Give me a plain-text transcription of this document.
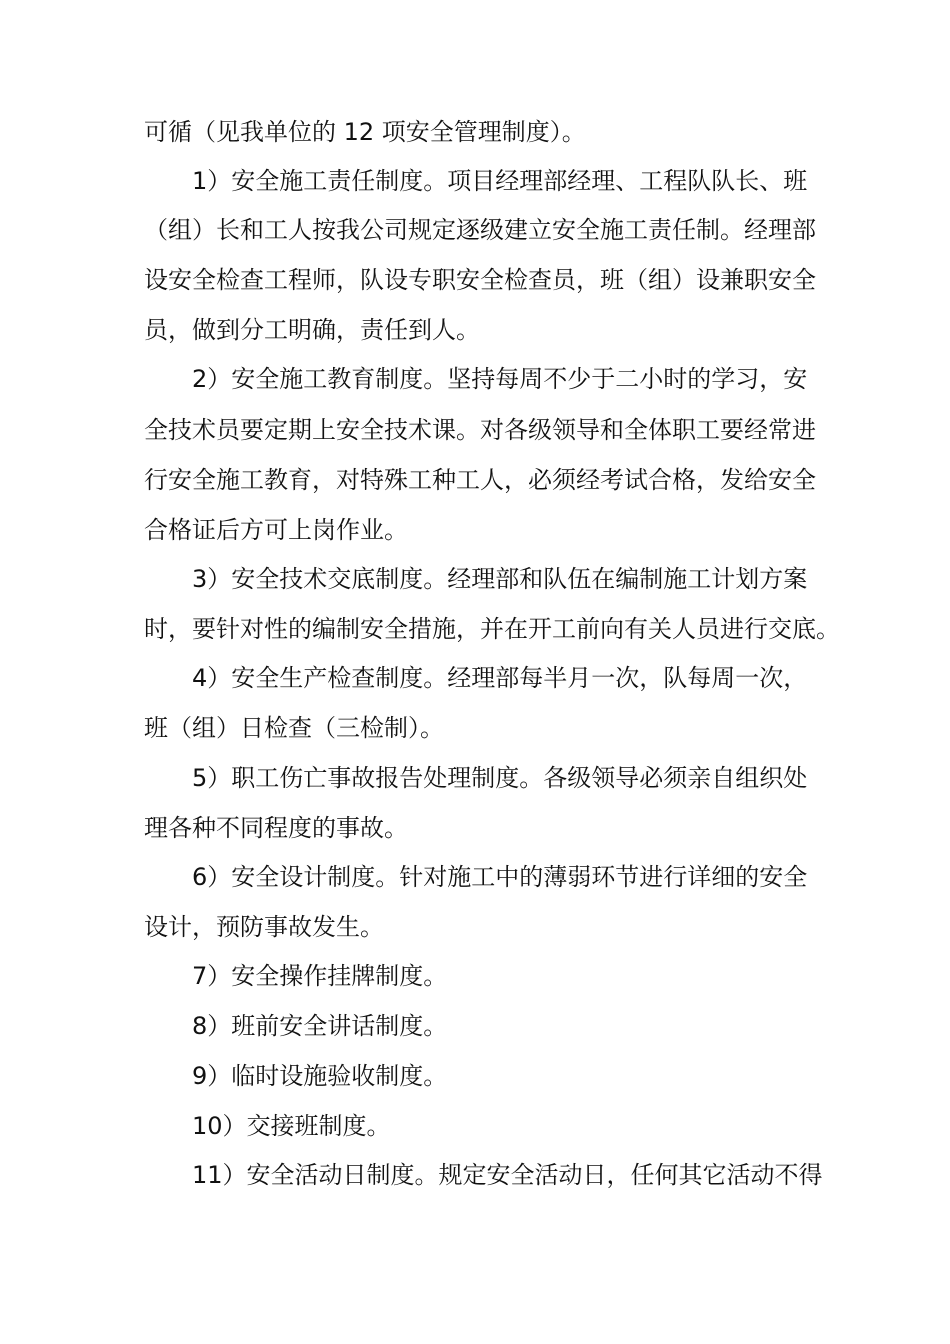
可循（见我单位的 12 项安全管理制度）。
1）安全施工责任制度。项目经理部经理、工程队队长、班
（组）长和工人按我公司规定逐级建立安全施工责任制。经理部
设安全检查工程师，队设专职安全检查员，班（组）设兼职安全
员，做到分工明确，责任到人。
2）安全施工教育制度。坚持每周不少于二小时的学习，安
全技术员要定期上安全技术课。对各级领导和全体职工要经常进
行安全施工教育，对特殊工种工人，必须经考试合格，发给安全
合格证后方可上岗作业。
3）安全技术交底制度。经理部和队伍在编制施工计划方案
时，要针对性的编制安全措施，并在开工前向有关人员进行交底。
4）安全生产检查制度。经理部每半月一次，队每周一次，
班（组）日检查（三检制）。
5）职工伤亡事故报告处理制度。各级领导必须亲自组织处
理各种不同程度的事故。
6）安全设计制度。针对施工中的薄弱环节进行详细的安全
设计，预防事故发生。
7）安全操作挂牌制度。
8）班前安全讲话制度。
9）临时设施验收制度。
10）交接班制度。
11）安全活动日制度。规定安全活动日，任何其它活动不得
